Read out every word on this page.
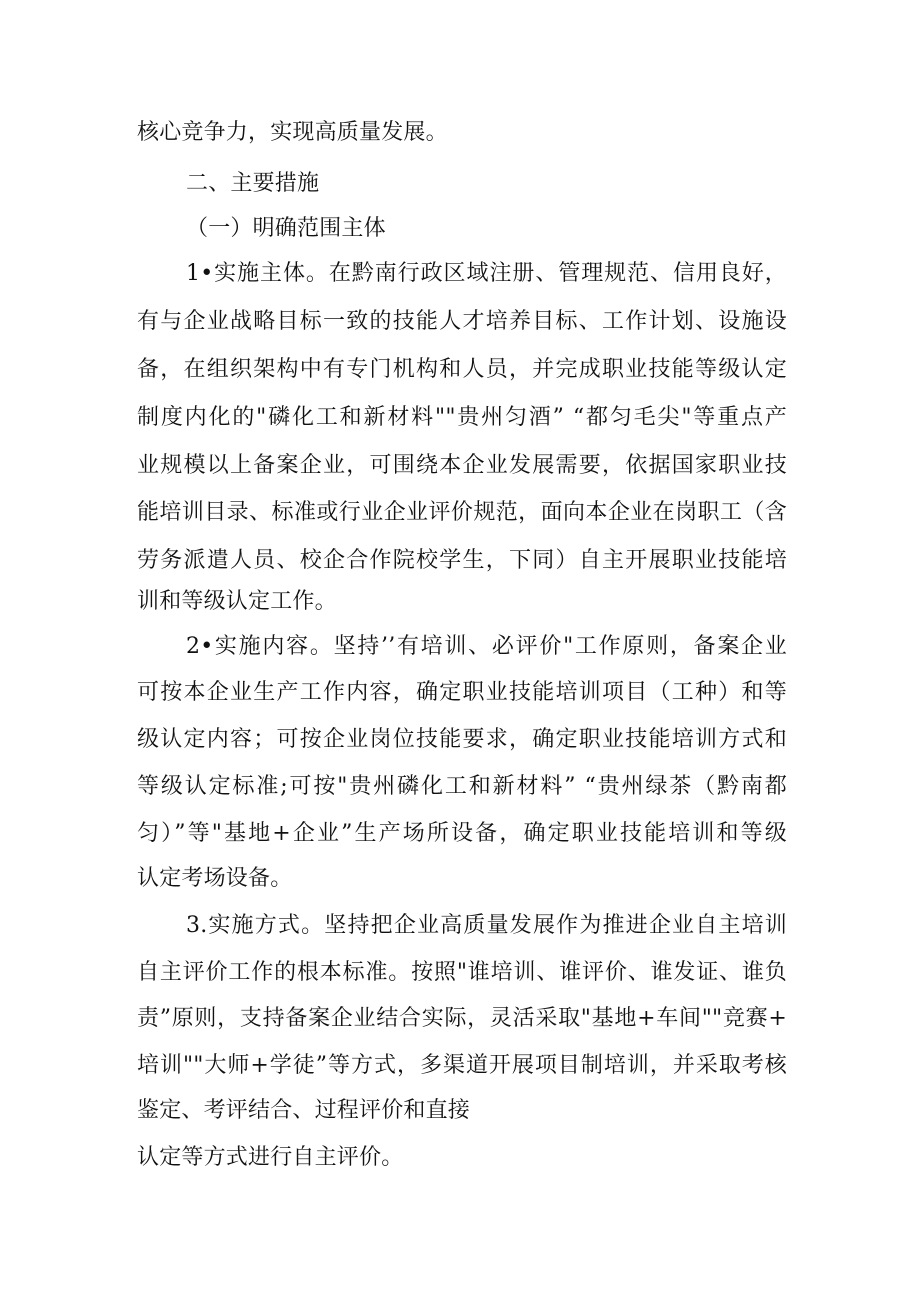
核心竞争力，实现高质量发展。
二、主要措施
（一）明确范围主体
1•实施主体。在黔南行政区域注册、管理规范、信用良好，
有与企业战略目标一致的技能人才培养目标、工作计划、设施设
备，在组织架构中有专门机构和人员，并完成职业技能等级认定
制度内化的"磷化工和新材料""贵州匀酒” “都匀毛尖"等重点产
业规模以上备案企业，可围绕本企业发展需要，依据国家职业技
能培训目录、标准或行业企业评价规范，面向本企业在岗职工（含
劳务派遣人员、校企合作院校学生，下同）自主开展职业技能培
训和等级认定工作。
2•实施内容。坚持’’有培训、必评价"工作原则，备案企业
可按本企业生产工作内容，确定职业技能培训项目（工种）和等
级认定内容；可按企业岗位技能要求，确定职业技能培训方式和
等级认定标准;可按"贵州磷化工和新材料” “贵州绿茶（黔南都
匀）”等"基地+企业”生产场所设备，确定职业技能培训和等级
认定考场设备。
3.实施方式。坚持把企业高质量发展作为推进企业自主培训
自主评价工作的根本标准。按照"谁培训、谁评价、谁发证、谁负
责”原则，支持备案企业结合实际，灵活采取"基地+车间""竞赛+
培训""大师+学徒”等方式，多渠道开展项目制培训，并采取考核
鉴定、考评结合、过程评价和直接
认定等方式进行自主评价。
